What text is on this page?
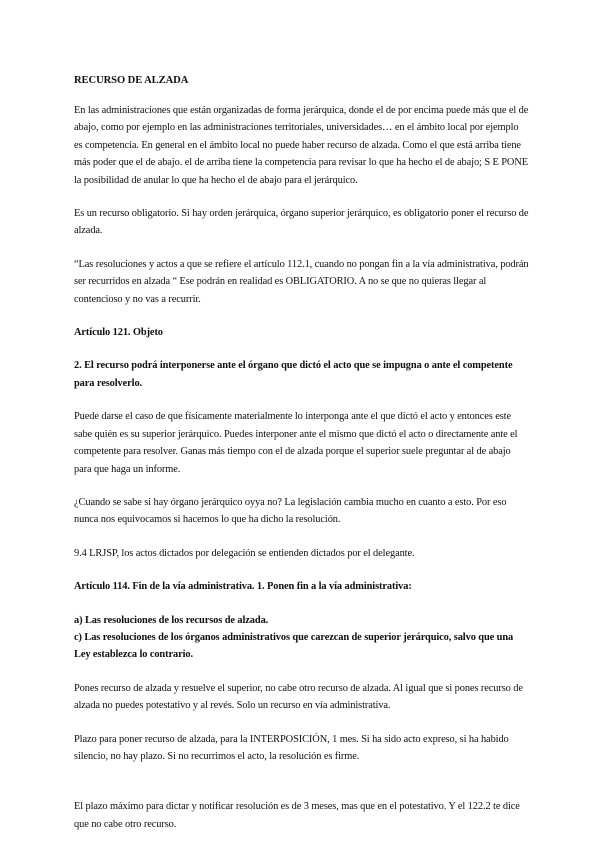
RECURSO DE ALZADA

En las administraciones que están organizadas de forma jerárquica, donde el de por encima puede más que el de abajo, como por ejemplo en las administraciones territoriales, universidades… en el ámbito local por ejemplo es competencia. En general en el ámbito local no puede haber recurso de alzada. Como el que está arriba tiene más poder que el de abajo. el de arriba tiene la competencia para revisar lo que ha hecho el de abajo; S E PONE la posibilidad de anular lo que ha hecho el de abajo para el jerárquico.

Es un recurso obligatorio. Si hay orden jerárquica, órgano superior jerárquico, es obligatorio poner el recurso de alzada.

“Las resoluciones y actos a que se refiere el artículo 112.1, cuando no pongan fin a la vía administrativa, podrán ser recurridos en alzada “ Ese podrán en realidad es OBLIGATORIO. A no se que no quieras llegar al contencioso y no vas a recurrir.

Artículo 121. Objeto

2. El recurso podrá interponerse ante el órgano que dictó el acto que se impugna o ante el competente para resolverlo.

Puede darse el caso de que físicamente materialmente lo interponga ante el que dictó el acto y entonces este sabe quién es su superior jerárquico. Puedes interponer ante el mismo que dictó el acto o directamente ante el competente para resolver. Ganas más tiempo con el de alzada porque el superior suele preguntar al de abajo para que haga un informe.

¿Cuando se sabe si hay órgano jerárquico oyya no? La legislación cambia mucho en cuanto a esto. Por eso nunca nos equivocamos si hacemos lo que ha dicho la resolución.

9.4 LRJSP, los actos dictados por delegación se entienden dictados por el delegante.

Artículo 114. Fin de la vía administrativa. 1. Ponen fin a la vía administrativa:

a) Las resoluciones de los recursos de alzada.

c) Las resoluciones de los órganos administrativos que carezcan de superior jerárquico, salvo que una Ley establezca lo contrario.

Pones recurso de alzada y resuelve el superior, no cabe otro recurso de alzada. Al igual que si pones recurso de alzada no puedes potestativo y al revés. Solo un recurso en vía administrativa.

Plazo para poner recurso de alzada, para la INTERPOSICIÓN, 1 mes. Si ha sido acto expreso, si ha habido silencio, no hay plazo. Si no recurrimos el acto, la resolución es firme.

El plazo máximo para dictar y notificar resolución es de 3 meses, mas que en el potestativo. Y el 122.2 te dice que no cabe otro recurso.
